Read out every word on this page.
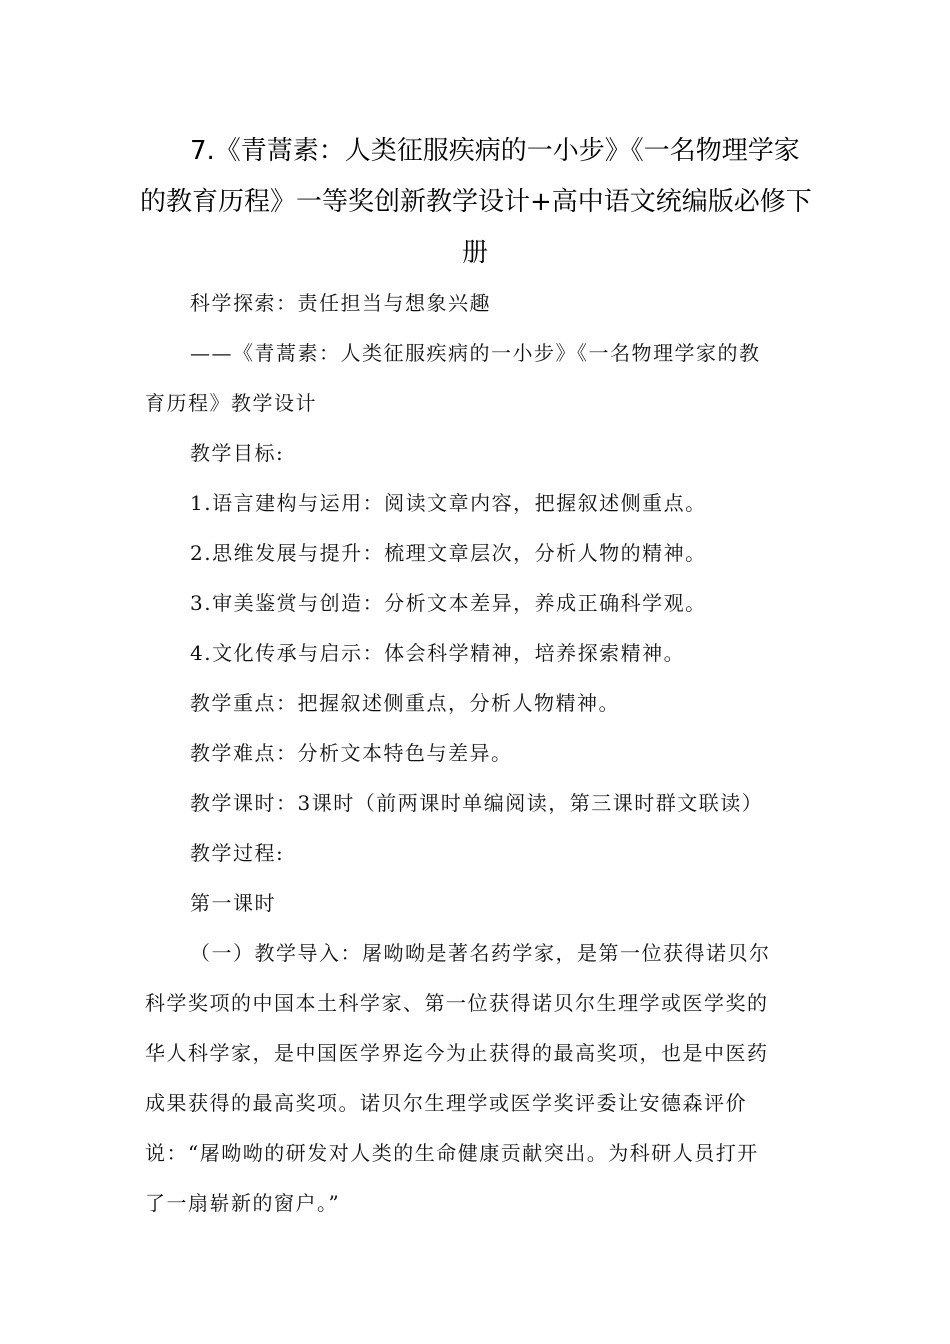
7.《青蒿素：人类征服疾病的一小步》《一名物理学家
的教育历程》一等奖创新教学设计+高中语文统编版必修下
册
科学探索：责任担当与想象兴趣
——《青蒿素：人类征服疾病的一小步》《一名物理学家的教
育历程》教学设计
教学目标:
1.语言建构与运用：阅读文章内容，把握叙述侧重点。
2.思维发展与提升：梳理文章层次，分析人物的精神。
3.审美鉴赏与创造：分析文本差异，养成正确科学观。
4.文化传承与启示：体会科学精神，培养探索精神。
教学重点：把握叙述侧重点，分析人物精神。
教学难点：分析文本特色与差异。
教学课时：3课时（前两课时单编阅读，第三课时群文联读）
教学过程:
第一课时
（一）教学导入：屠呦呦是著名药学家，是第一位获得诺贝尔
科学奖项的中国本土科学家、第一位获得诺贝尔生理学或医学奖的
华人科学家，是中国医学界迄今为止获得的最高奖项，也是中医药
成果获得的最高奖项。诺贝尔生理学或医学奖评委让安德森评价
说：“屠呦呦的研发对人类的生命健康贡献突出。为科研人员打开
了一扇崭新的窗户。”
